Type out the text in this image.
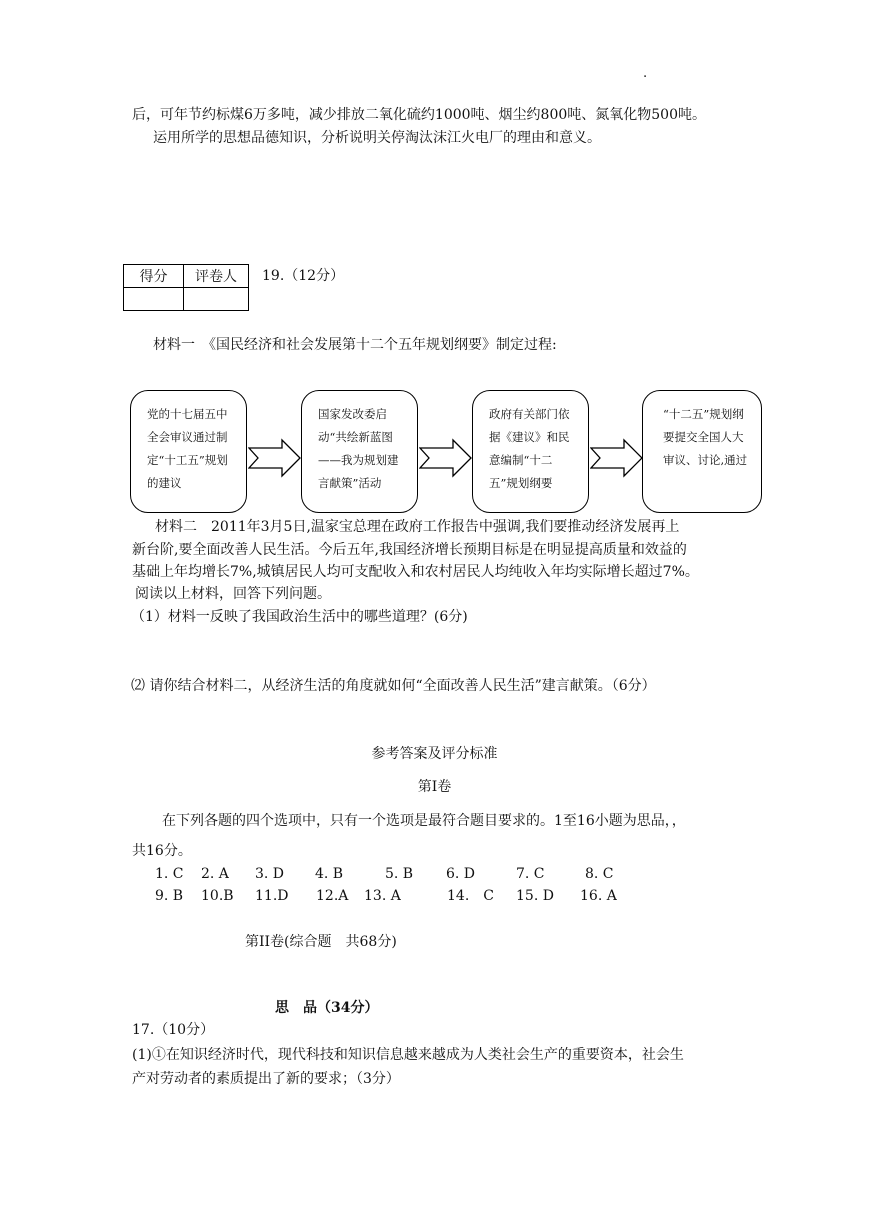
.
后，可年节约标煤6万多吨，减少排放二氧化硫约1000吨、烟尘约800吨、氮氧化物500吨。
运用所学的思想品德知识，分析说明关停淘汰沫江火电厂的理由和意义。
得分	评卷人
	19.（12分）
材料一　《国民经济和社会发展第十二个五年规划纲要》制定过程:
党的十七届五中全会审议通过制定“十工五”规划的建议
国家发改委启动“共绘新蓝图——我为规划建言献策”活动
政府有关部门依据《建议》和民意编制“十二五”规划纲要
“十二五”规划纲要提交全国人大审议、讨论,通过
材料二　2011年3月5日,温家宝总理在政府工作报告中强调,我们要推动经济发展再上
新台阶,要全面改善人民生活。今后五年,我国经济增长预期目标是在明显提高质量和效益的
基础上年均增长7%,城镇居民人均可支配收入和农村居民人均纯收入年均实际增长超过7%。
阅读以上材料，回答下列问题。
（1）材料一反映了我国政治生活中的哪些道理？(6分)
⑵ 请你结合材料二，从经济生活的角度就如何“全面改善人民生活”建言献策。（6分）
参考答案及评分标准
第Ⅰ卷
在下列各题的四个选项中，只有一个选项是最符合题目要求的。1至16小题为思品，，
共16分。
1. C 2. A 3. D 4. B	5. B 6. D	7. C	8. C
9. B 10.B 11.D 12.A 13. A	14.　C 15. D 16. A
第II卷(综合题　共68分)
思　品（34分）
17.（10分）
(1)①在知识经济时代，现代科技和知识信息越来越成为人类社会生产的重要资本，社会生
产对劳动者的素质提出了新的要求；（3分）
